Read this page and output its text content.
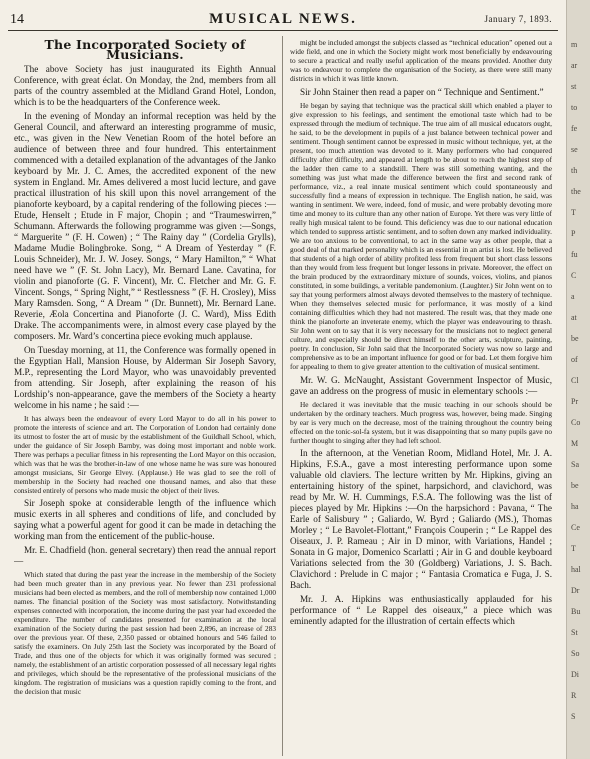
14	MUSICAL NEWS.	January 7, 1893.
The Incorporated Society of Musicians.

The above Society has just inaugurated its Eighth Annual Conference, with great éclat. On Monday, the 2nd, members from all parts of the country assembled at the Midland Grand Hotel, London, which is to be the headquarters of the Conference week.

In the evening of Monday an informal reception was held by the General Council, and afterward an interesting programme of music, etc., was given in the New Venetian Room of the hotel before an audience of between three and four hundred. This entertainment commenced with a detailed explanation of the advantages of the Janko keyboard by Mr. J. C. Ames, the accredited exponent of the new system in England. Mr. Ames delivered a most lucid lecture, and gave practical illustration of his skill upon this novel arrangement of the pianoforte keyboard, by a capital rendering of the following pieces :—Etude, Henselt ; Etude in F major, Chopin ; and “Traumeswirren,” Schumann. Afterwards the following programme was given :—Songs, “ Marguerite ” (F. H. Cowen) ; “ The Rainy day ” (Cordelia Grylls), Madame Mudie Bolingbroke. Song, “ A Dream of Yesterday ” (F. Louis Schneider), Mr. J. W. Josey. Songs, “ Mary Hamilton,” “ What need have we ” (F. St. John Lacy), Mr. Bernard Lane. Cavatina, for violin and pianoforte (G. F. Vincent), Mr. C. Fletcher and Mr. G. F. Vincent. Songs, “ Spring Night,” “ Restlessness ” (F. H. Crosley), Miss Mary Ramsden. Song, “ A Dream ” (Dr. Bunnett), Mr. Bernard Lane. Reverie, Æola Concertina and Pianoforte (J. C. Ward), Miss Edith Drake. The accompaniments were, in almost every case played by the composers. Mr. Ward’s concertina piece evoking much applause.

On Tuesday morning, at 11, the Conference was formally opened in the Egyptian Hall, Mansion House, by Alderman Sir Joseph Savory, M.P., representing the Lord Mayor, who was unavoidably prevented from attending. Sir Joseph, after explaining the reason of his Lordship’s non-appearance, gave the members of the Society a hearty welcome in his name ; he said :—

It has always been the endeavour of every Lord Mayor to do all in his power to promote the interests of science and art. The Corporation of London had certainly done its utmost to foster the art of music by the establishment of the Guildhall School, which, under the guidance of Sir Joseph Barnby, was doing most important and noble work. There was perhaps a peculiar fitness in his representing the Lord Mayor on this occasion, which was that he was the brother-in-law of one whose name he was sure was honoured amongst musicians, Sir George Elvey. (Applause.) He was glad to see the roll of membership in the Society had reached one thousand names, and also that these consisted entirely of persons who made music the object of their lives.

Sir Joseph spoke at considerable length of the influence which music exerts in all spheres and conditions of life, and concluded by saying what a powerful agent for good it can be made in detaching the working man from the enticement of the public-house.

Mr. E. Chadfield (hon. general secretary) then read the annual report—

Which stated that during the past year the increase in the membership of the Society had been much greater than in any previous year. No fewer than 231 professional musicians had been elected as members, and the roll of membership now contained 1,000 names. The financial position of the Society was most satisfactory. Notwithstanding expenses connected with incorporation, the income during the past year had exceeded the expenditure. The number of candidates presented for examination at the local examination of the Society during the past session had been 2,896, an increase of 283 over the previous year. Of these, 2,350 passed or obtained honours and 546 failed to satisfy the examiners. On July 25th last the Society was incorporated by the Board of Trade, and thus one of the objects for which it was originally formed was secured ; namely, the establishment of an artistic corporation possessed of all necessary legal rights and privileges, which should be the representative of the professional musicians of the kingdom. The registration of musicians was a question rapidly coming to the front, and the decision that music

might be included amongst the subjects classed as “technical education” opened out a wide field, and one in which the Society might work most beneficially by endeavouring to secure a practical and really useful application of the means provided. Another duty was to endeavour to complete the organisation of the Society, as there were still many districts in which it was little known.

Sir John Stainer then read a paper on “ Technique and Sentiment.”

He began by saying that technique was the practical skill which enabled a player to give expression to his feelings, and sentiment the emotional taste which had to be expressed through the medium of technique. The true aim of all musical educators ought, he said, to be the development in pupils of a just balance between technical power and sentiment. Though sentiment cannot be expressed in music without technique, yet, at the present, too much attention was devoted to it. Many performers who had conquered difficulty after difficulty, and appeared at length to be about to reach the highest step of the ladder then came to a standstill. There was still something wanting, and the something was just what made the difference between the first and second rank of performance, viz., a real innate musical sentiment which could spontaneously and successfully find a means of expression in technique. The English nation, he said, was wanting in sentiment. We were, indeed, fond of music, and were probably devoting more time and money to its culture than any other nation of Europe. Yet there was very little of really high musical talent to be found. This deficiency was due to our national education which tended to suppress artistic sentiment, and to soften down any marked individuality. We are too anxious to be conventional, to act in the same way as other people, that a good deal of that marked personality which is an essential in an artist is lost. He believed that students of a high order of ability profited less from frequent but short class lessons than they would from less frequent but longer lessons in private. Moreover, the effect on the brain produced by the extraordinary mixture of sounds, voices, violins, and pianos constituted, in some buildings, a veritable pandemonium. (Laughter.) Sir John went on to say that young performers almost always devoted themselves to the mastery of technique. When they themselves selected music for performance, it was mostly of a kind containing difficulties which they had not mastered. The result was, that they made one think the pianoforte an inveterate enemy, which the player was endeavouring to thrash. Sir John went on to say that it is very necessary for the musicians not to neglect general culture, and especially should be direct himself to the other arts, sculpture, painting, poetry. In conclusion, Sir John said that the Incorporated Society was now so large and comprehensive as to be an important influence for good or for bad. Let them forgive him for appealing to them to give greater attention to the cultivation of musical sentiment.

Mr. W. G. McNaught, Assistant Government Inspector of Music, gave an address on the progress of music in elementary schools :—

He declared it was inevitable that the music teaching in our schools should be undertaken by the ordinary teachers. Much progress was, however, being made. Singing by ear is very much on the decrease, most of the training throughout the country being effected on the tonic-sol-fa system, but it was disappointing that so many pupils gave no further thought to singing after they had left school.

In the afternoon, at the Venetian Room, Midland Hotel, Mr. J. A. Hipkins, F.S.A., gave a most interesting performance upon some valuable old claviers. The lecture written by Mr. Hipkins, giving an entertaining history of the spinet, harpsichord, and clavichord, was read by Mr. W. H. Cummings, F.S.A. The following was the list of pieces played by Mr. Hipkins :—On the harpsichord : Pavana, “ The Earle of Salisbury ” ; Galiardo, W. Byrd ; Galiardo (MS.), Thomas Morley ; “ Le Bavolet-Flottant,” François Couperin ; “ Le Rappel des Oiseaux, J. P. Rameau ; Air in D minor, with Variations, Handel ; Sonata in G major, Domenico Scarlatti ; Air in G and double keyboard Variations selected from the 30 (Goldberg) Variations, J. S. Bach. Clavichord : Prelude in C major ; “ Fantasia Cromatica e Fuga, J. S. Bach.

Mr. J. A. Hipkins was enthusiastically applauded for his performance of “ Le Rappel des oiseaux,” a piece which was eminently adapted for the illustration of certain effects which

m
ar
st
to
fe
se
th
the
T
P
fu
C
a
at
be
of
Cl
Pr
Co
M
Sa
be
ha
Ce
T
hal
Dr
Bu
St
So
Di
R
S
